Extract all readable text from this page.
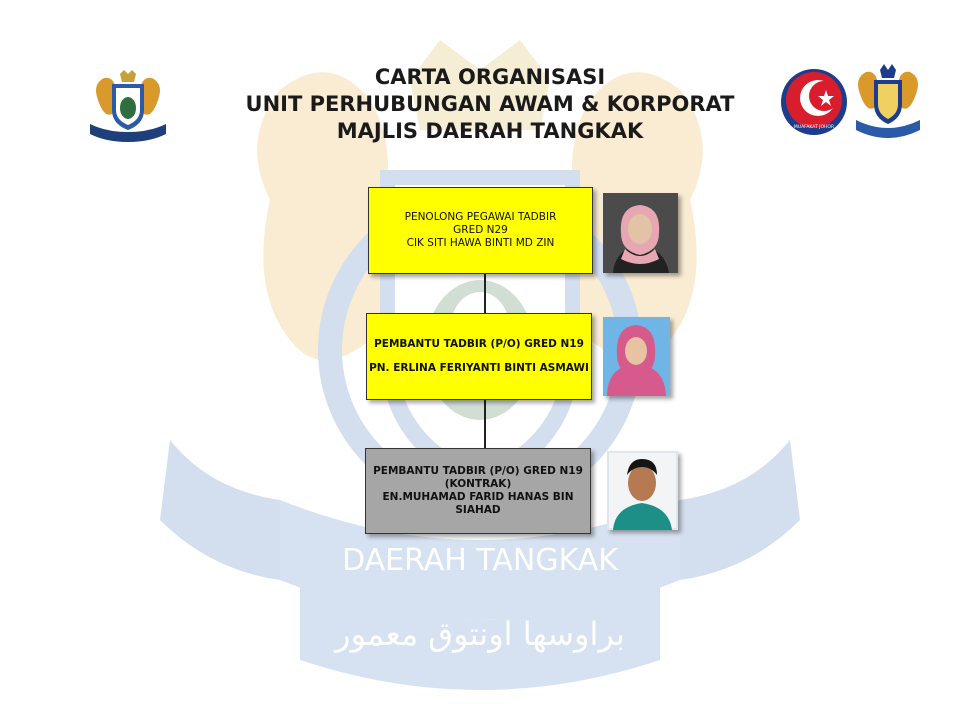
DAERAH TANGKAK
براوسها اونتوق معمور
MUAFAKAT JOHOR
CARTA ORGANISASI
UNIT PERHUBUNGAN AWAM & KORPORAT
MAJLIS DAERAH TANGKAK
PENOLONG PEGAWAI TADBIR
GRED N29
CIK SITI HAWA BINTI MD ZIN
PEMBANTU TADBIR (P/O) GRED N19
PN. ERLINA FERIYANTI BINTI ASMAWI
PEMBANTU TADBIR (P/O) GRED N19
(KONTRAK)
EN.MUHAMAD FARID HANAS BIN
SIAHAD
